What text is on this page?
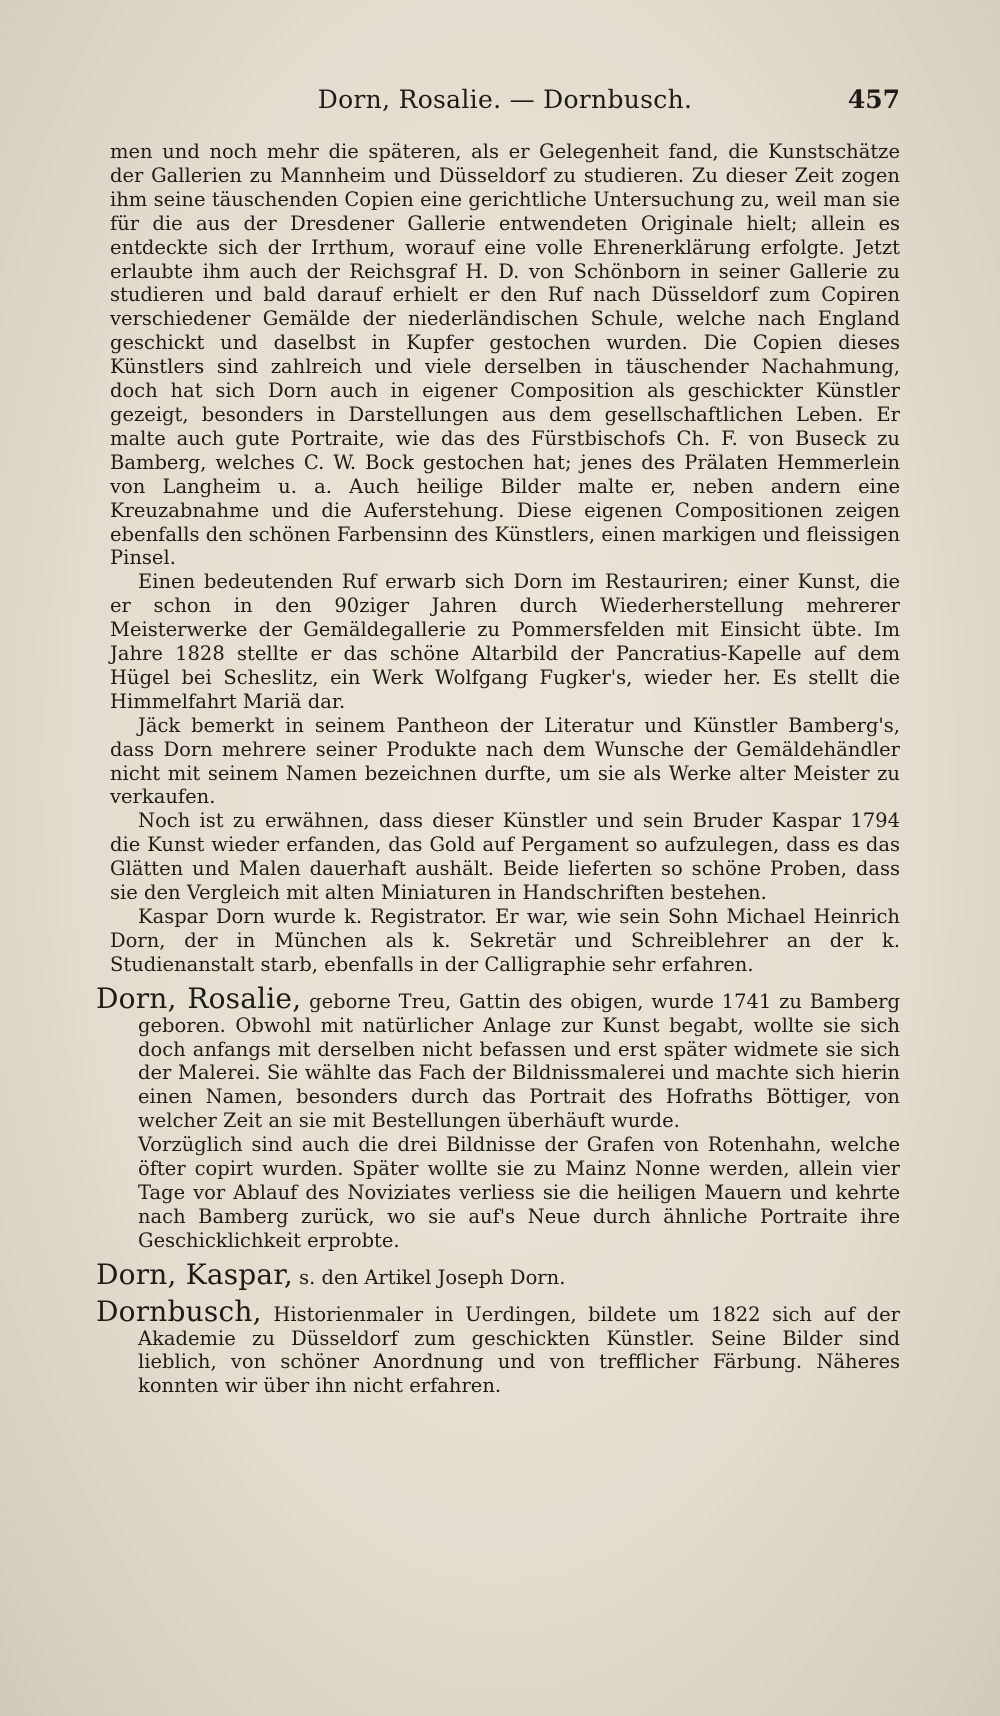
Dorn, Rosalie. — Dornbusch.	457

men und noch mehr die späteren, als er Gelegenheit fand, die Kunstschätze der Gallerien zu Mannheim und Düsseldorf zu studieren. Zu dieser Zeit zogen ihm seine täuschenden Copien eine gerichtliche Untersuchung zu, weil man sie für die aus der Dresdener Gallerie entwendeten Originale hielt; allein es entdeckte sich der Irrthum, worauf eine volle Ehrenerklärung erfolgte. Jetzt erlaubte ihm auch der Reichsgraf H. D. von Schönborn in seiner Gallerie zu studieren und bald darauf erhielt er den Ruf nach Düsseldorf zum Copiren verschiedener Gemälde der niederländischen Schule, welche nach England geschickt und daselbst in Kupfer gestochen wurden. Die Copien dieses Künstlers sind zahlreich und viele derselben in täuschender Nachahmung, doch hat sich Dorn auch in eigener Composition als geschickter Künstler gezeigt, besonders in Darstellungen aus dem gesellschaftlichen Leben. Er malte auch gute Portraite, wie das des Fürstbischofs Ch. F. von Buseck zu Bamberg, welches C. W. Bock gestochen hat; jenes des Prälaten Hemmerlein von Langheim u. a. Auch heilige Bilder malte er, neben andern eine Kreuzabnahme und die Auferstehung. Diese eigenen Compositionen zeigen ebenfalls den schönen Farbensinn des Künstlers, einen markigen und fleissigen Pinsel.

Einen bedeutenden Ruf erwarb sich Dorn im Restauriren; einer Kunst, die er schon in den 90ziger Jahren durch Wiederherstellung mehrerer Meisterwerke der Gemäldegallerie zu Pommersfelden mit Einsicht übte. Im Jahre 1828 stellte er das schöne Altarbild der Pancratius-Kapelle auf dem Hügel bei Scheslitz, ein Werk Wolfgang Fugker's, wieder her. Es stellt die Himmelfahrt Mariä dar.

Jäck bemerkt in seinem Pantheon der Literatur und Künstler Bamberg's, dass Dorn mehrere seiner Produkte nach dem Wunsche der Gemäldehändler nicht mit seinem Namen bezeichnen durfte, um sie als Werke alter Meister zu verkaufen.

Noch ist zu erwähnen, dass dieser Künstler und sein Bruder Kaspar 1794 die Kunst wieder erfanden, das Gold auf Pergament so aufzulegen, dass es das Glätten und Malen dauerhaft aushält. Beide lieferten so schöne Proben, dass sie den Vergleich mit alten Miniaturen in Handschriften bestehen.

Kaspar Dorn wurde k. Registrator. Er war, wie sein Sohn Michael Heinrich Dorn, der in München als k. Sekretär und Schreiblehrer an der k. Studienanstalt starb, ebenfalls in der Calligraphie sehr erfahren.

Dorn, Rosalie, geborne Treu, Gattin des obigen, wurde 1741 zu Bamberg geboren. Obwohl mit natürlicher Anlage zur Kunst begabt, wollte sie sich doch anfangs mit derselben nicht befassen und erst später widmete sie sich der Malerei. Sie wählte das Fach der Bildnissmalerei und machte sich hierin einen Namen, besonders durch das Portrait des Hofraths Böttiger, von welcher Zeit an sie mit Bestellungen überhäuft wurde.

Vorzüglich sind auch die drei Bildnisse der Grafen von Rotenhahn, welche öfter copirt wurden. Später wollte sie zu Mainz Nonne werden, allein vier Tage vor Ablauf des Noviziates verliess sie die heiligen Mauern und kehrte nach Bamberg zurück, wo sie auf's Neue durch ähnliche Portraite ihre Geschicklichkeit erprobte.

Dorn, Kaspar, s. den Artikel Joseph Dorn.

Dornbusch, Historienmaler in Uerdingen, bildete um 1822 sich auf der Akademie zu Düsseldorf zum geschickten Künstler. Seine Bilder sind lieblich, von schöner Anordnung und von trefflicher Färbung. Näheres konnten wir über ihn nicht erfahren.
